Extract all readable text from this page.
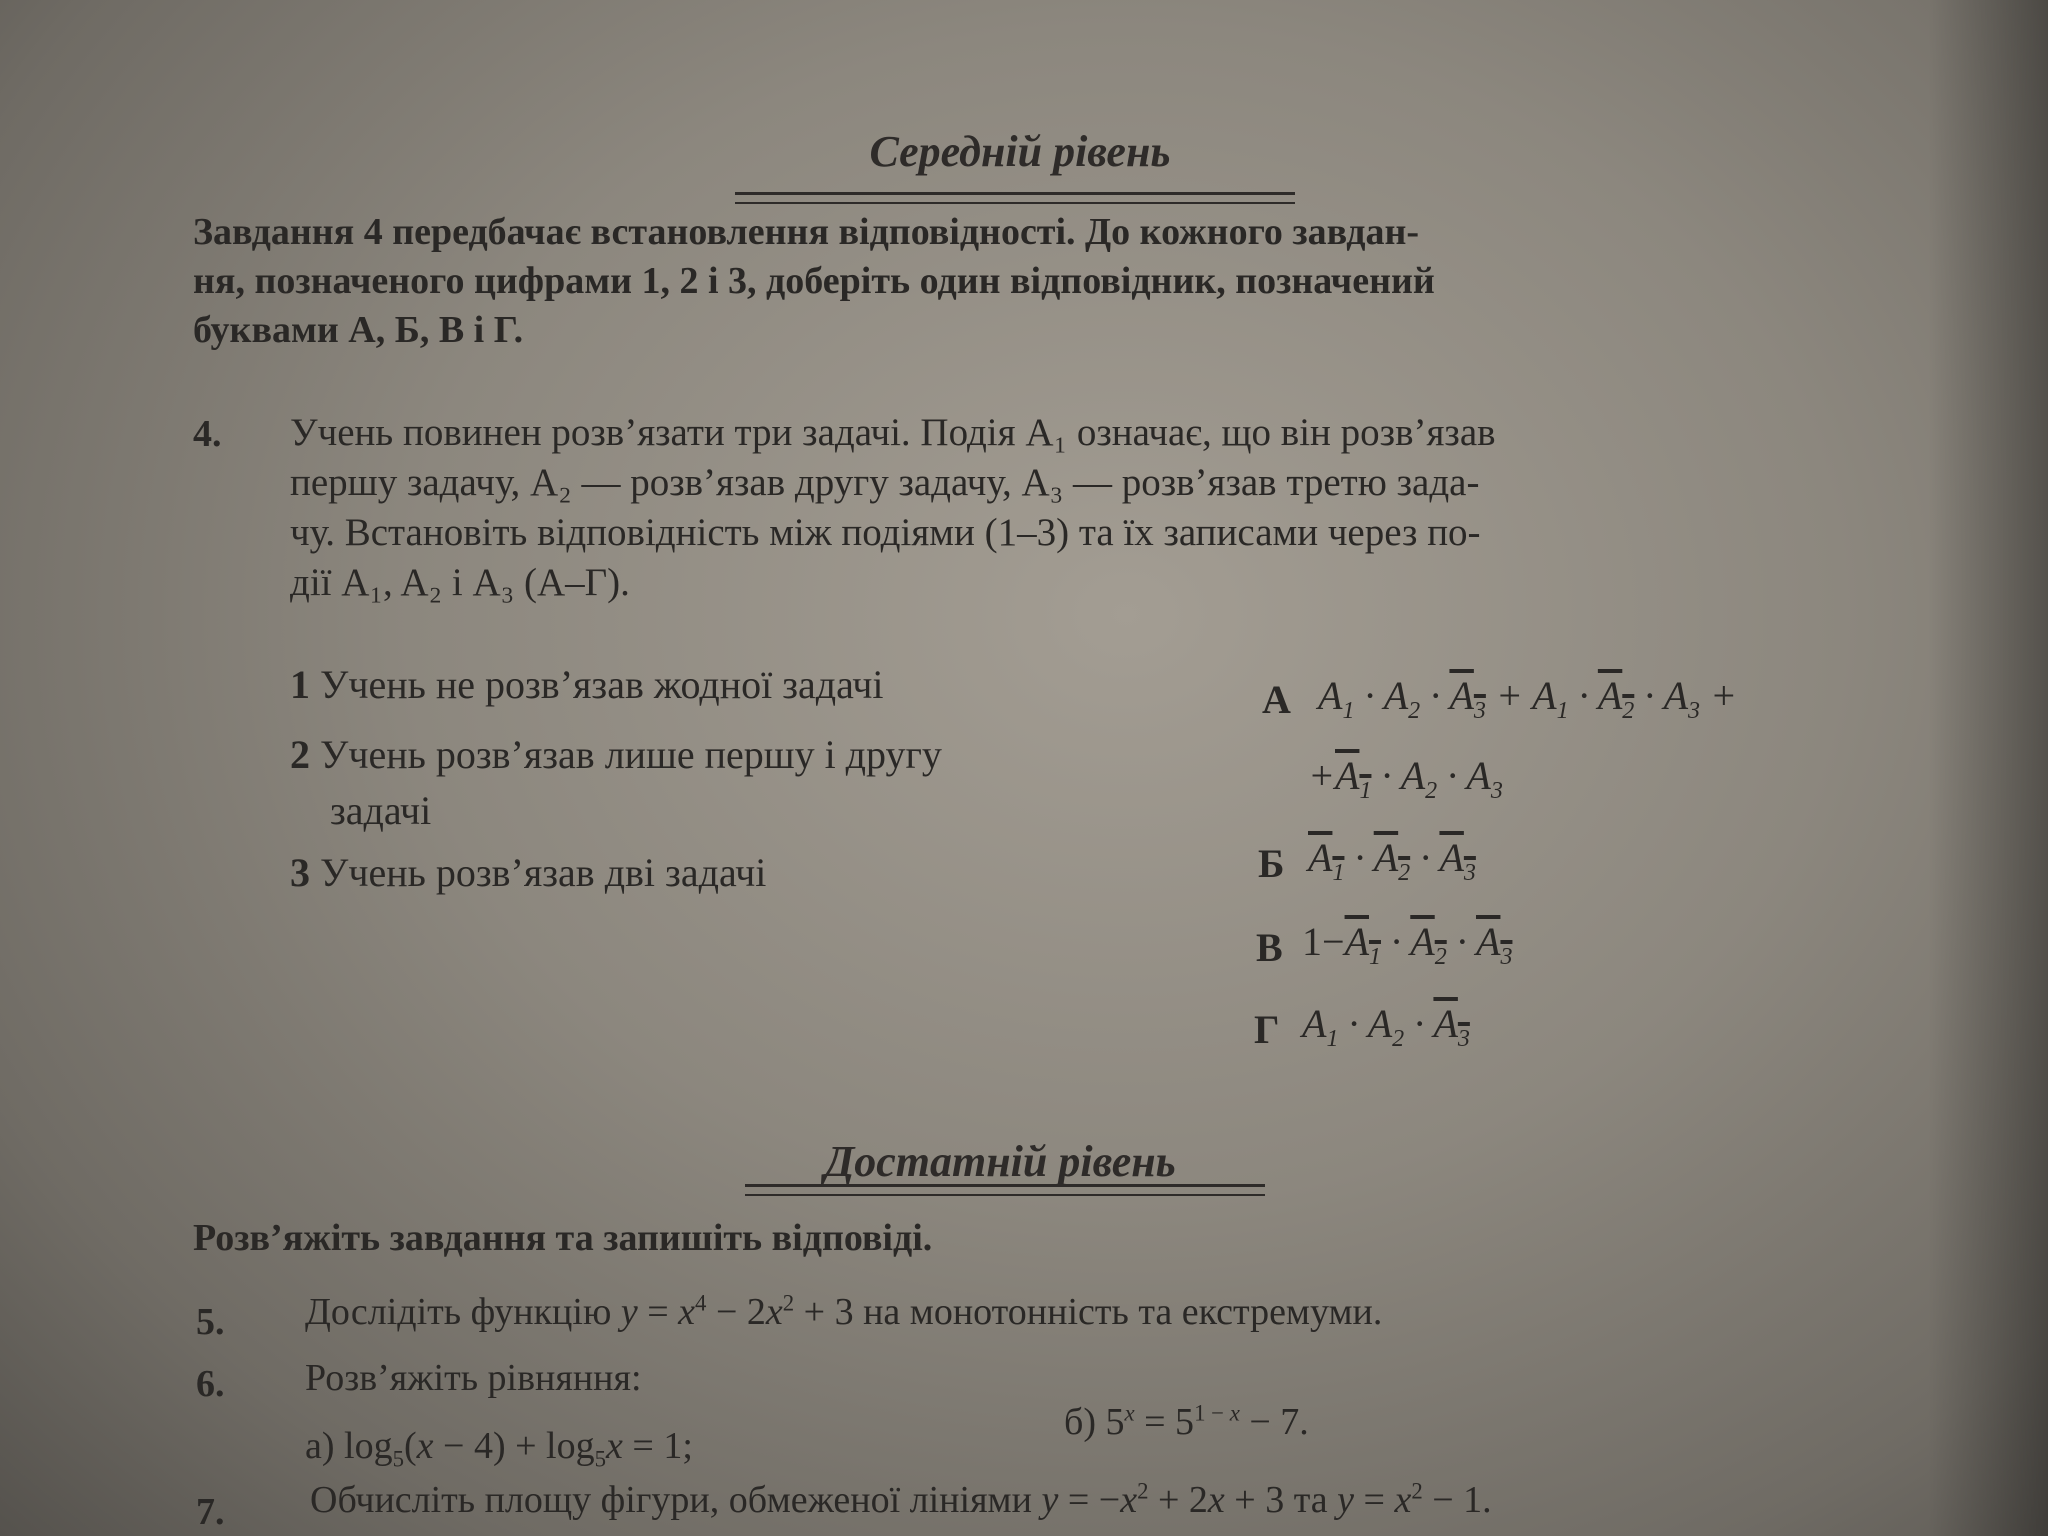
Середній рівень
Завдання 4 передбачає встановлення відповідності. До кожного завдан-
ня, позначеного цифрами 1, 2 і 3, доберіть один відповідник, позначений
буквами А, Б, В і Г.
4. Учень повинен розв’язати три задачі. Подія A₁ означає, що він розв’язав
першу задачу, A₂ — розв’язав другу задачу, A₃ — розв’язав третю зада-
чу. Встановіть відповідність між подіями (1–3) та їх записами через по-
дії A₁, A₂ і A₃ (А–Г).
1 Учень не розв’язав жодної задачі
2 Учень розв’язав лише першу і другу
задачі
3 Учень розв’язав дві задачі
А $A_1 \cdot A_2 \cdot A_3 + A_1 \cdot A_2 \cdot A_3$ +
$+A_1 \cdot A_2 \cdot A_3$
Б $A_1 \cdot A_2 \cdot A_3$
В $1-A_1 \cdot A_2 \cdot A_3$
Г $A_1 \cdot A_2 \cdot A_3$
Достатній рівень
Розв’яжіть завдання та запишіть відповіді.
5. Дослідіть функцію $y = x^4 - 2x^2 + 3$ на монотонність та екстремуми.
6. Розв’яжіть рівняння:
а) $\log_5(x - 4) + \log_5x = 1$;
б) $5^x = 5^{1 - x} - 7$.
7. Обчисліть площу фігури, обмеженої лініями $y = -x^2 + 2x + 3$ та $y = x^2 - 1$.
